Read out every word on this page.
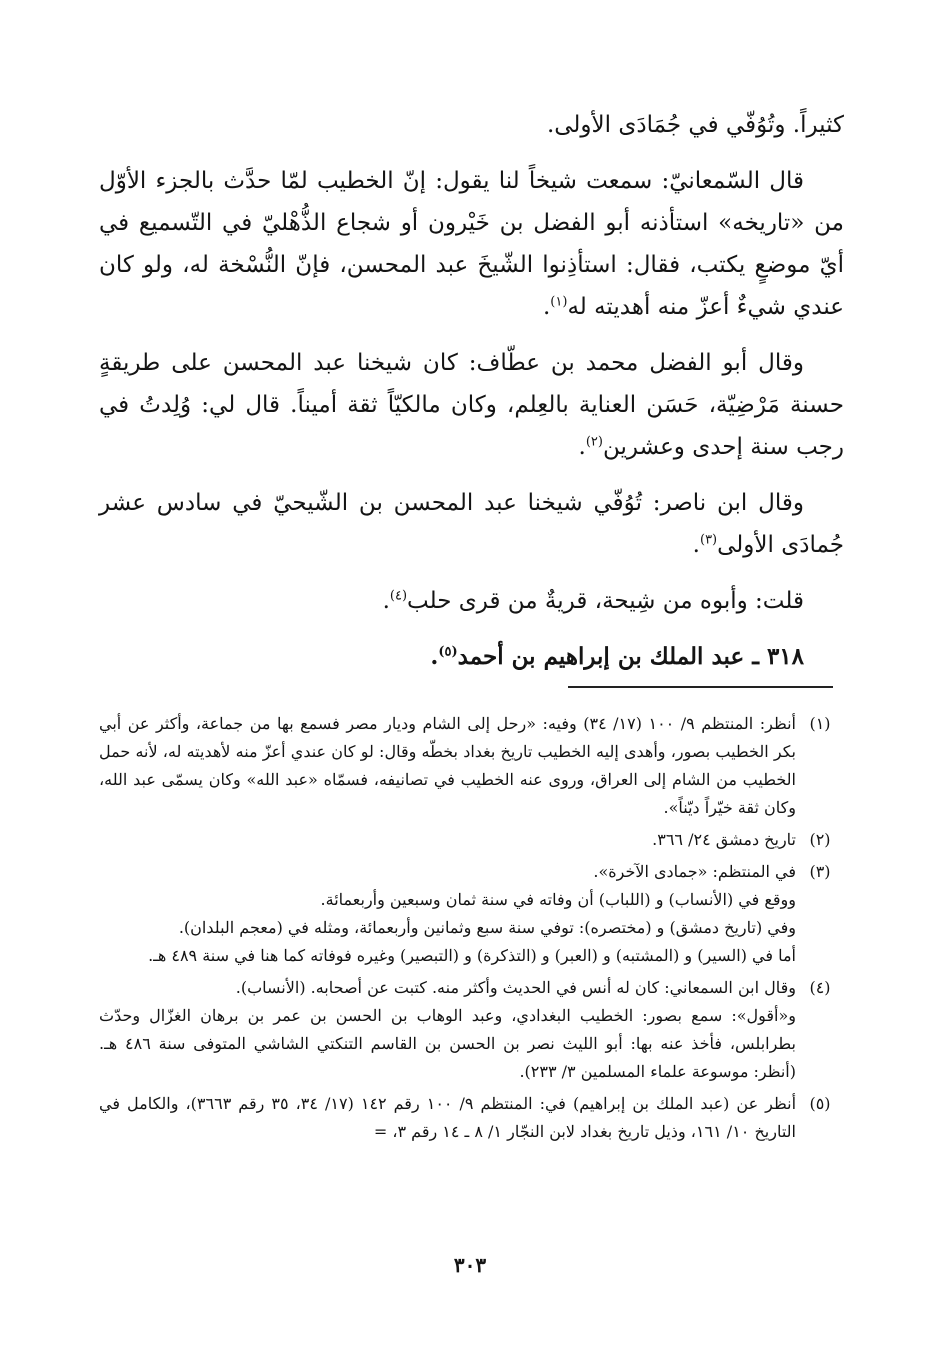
كثيراً. وتُوُفّي في جُمَادَى الأولى.

قال السّمعانيّ: سمعت شيخاً لنا يقول: إنّ الخطيب لمّا حدَّث بالجزء الأوّل من «تاريخه» استأذنه أبو الفضل بن خَيْرون أو شجاع الذُّهْليّ في التّسميع في أيّ موضعٍ يكتب، فقال: استأذِنوا الشّيخَ عبد المحسن، فإنّ النُّسْخة له، ولو كان عندي شيءٌ أعزّ منه أهديته له$^{(١)}$.

وقال أبو الفضل محمد بن عطّاف: كان شيخنا عبد المحسن على طريقةٍ حسنة مَرْضِيّة، حَسَن العناية بالعِلم، وكان مالكيّاً ثقة أميناً. قال لي: وُلِدتُ في رجب سنة إحدى وعشرين$^{(٢)}$.

وقال ابن ناصر: تُوُفّي شيخنا عبد المحسن بن الشّيحيّ في سادس عشر جُمادَى الأولى$^{(٣)}$.

قلت: وأبوه من شِيحة، قريةٌ من قرى حلب$^{(٤)}$.

٣١٨ ـ عبد الملك بن إبراهيم بن أحمد$^{(٥)}$.

(١)
أنظر: المنتظم ٩/ ١٠٠ (١٧/ ٣٤) وفيه: «رحل إلى الشام وديار مصر فسمع بها من جماعة، وأكثر عن أبي بكر الخطيب بصور، وأهدى إليه الخطيب تاريخ بغداد بخطّه وقال: لو كان عندي أعزّ منه لأهديته له، لأنه حمل الخطيب من الشام إلى العراق، وروى عنه الخطيب في تصانيفه، فسمّاه «عبد الله» وكان يسمّى عبد الله، وكان ثقة خيّراً ديّناً».
(٢)
تاريخ دمشق ٢٤/ ٣٦٦.
(٣)
في المنتظم: «جمادى الآخرة».
ووقع في (الأنساب) و (اللباب) أن وفاته في سنة ثمان وسبعين وأربعمائة.
وفي (تاريخ دمشق) و (مختصره): توفي سنة سبع وثمانين وأربعمائة، ومثله في (معجم البلدان).
أما في (السير) و (المشتبه) و (العبر) و (التذكرة) و (التبصير) وغيره فوفاته كما هنا في سنة ٤٨٩ هـ.
(٤)
وقال ابن السمعاني: كان له أنس في الحديث وأكثر منه. كتبت عن أصحابه. (الأنساب).
و«أقول»: سمع بصور: الخطيب البغدادي، وعبد الوهاب بن الحسن بن عمر بن برهان الغزّال وحدّث بطرابلس، فأخذ عنه بها: أبو الليث نصر بن الحسن بن القاسم التنكتي الشاشي المتوفى سنة ٤٨٦ هـ. (أنظر: موسوعة علماء المسلمين ٣/ ٢٣٣).
(٥)
أنظر عن (عبد الملك بن إبراهيم) في: المنتظم ٩/ ١٠٠ رقم ١٤٢ (١٧/ ٣٤، ٣٥ رقم ٣٦٦٣)، والكامل في التاريخ ١٠/ ١٦١، وذيل تاريخ بغداد لابن النجّار ١/ ٨ ـ ١٤ رقم ٣، =
٣٠٣
